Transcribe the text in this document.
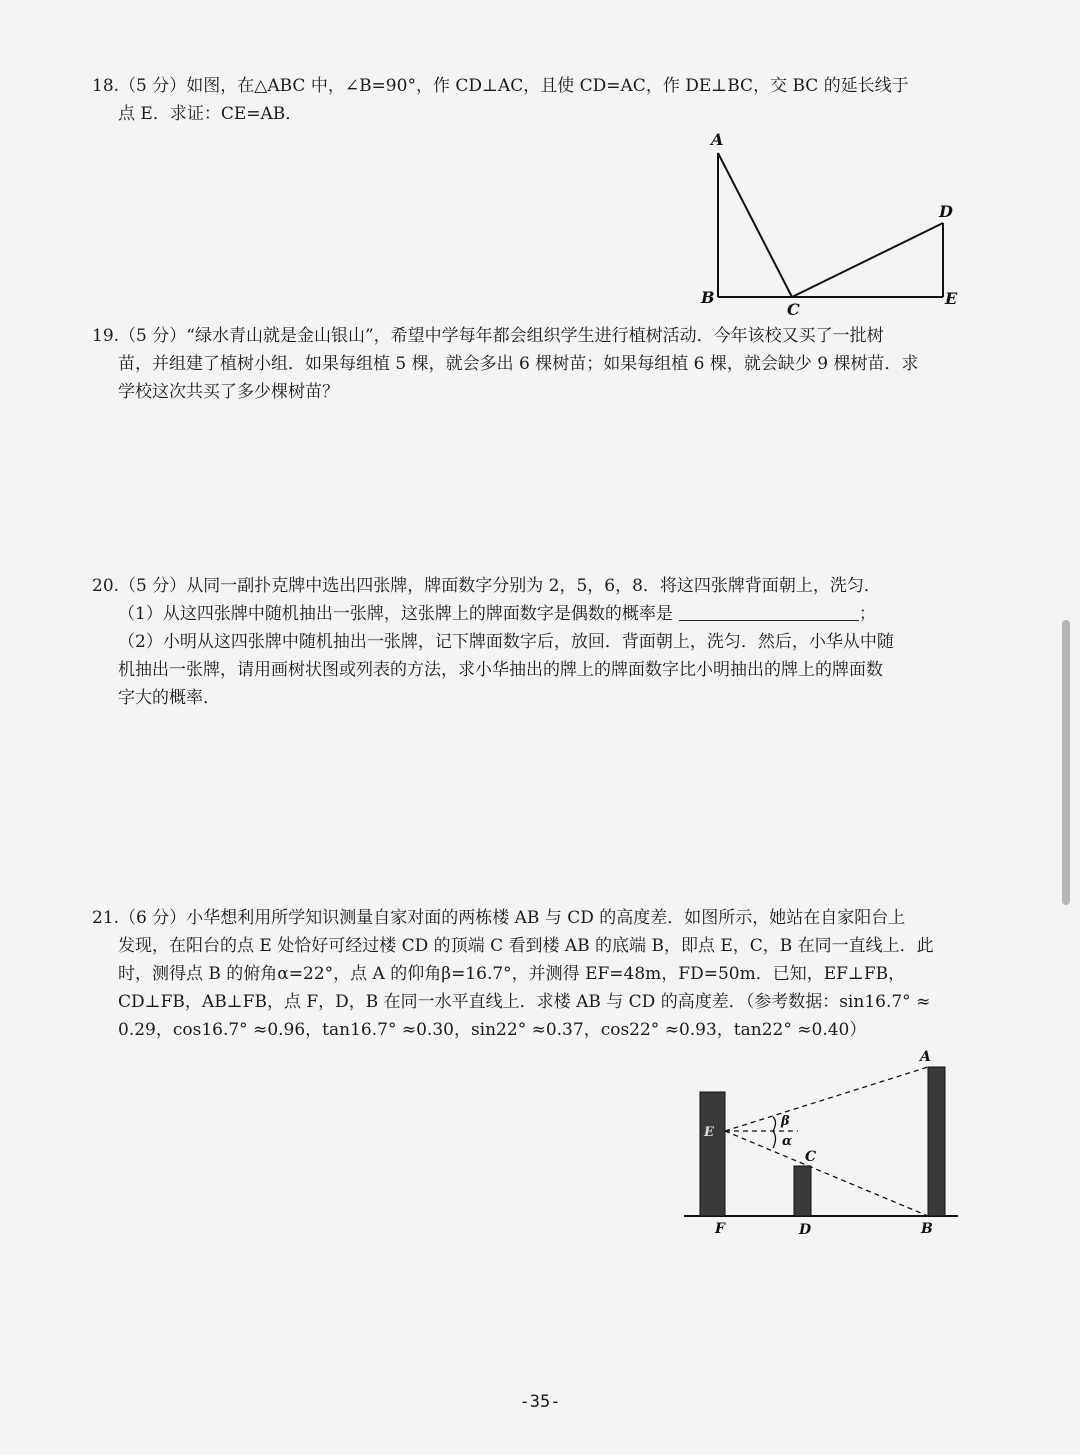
18.（5 分）如图，在△ABC 中，∠B=90°，作 CD⊥AC，且使 CD=AC，作 DE⊥BC，交 BC 的延长线于

点 E．求证：CE=AB．

A
B
C
D
E

19.（5 分）“绿水青山就是金山银山”，希望中学每年都会组织学生进行植树活动．今年该校又买了一批树

苗，并组建了植树小组．如果每组植 5 棵，就会多出 6 棵树苗；如果每组植 6 棵，就会缺少 9 棵树苗．求

学校这次共买了多少棵树苗？

20.（5 分）从同一副扑克牌中选出四张牌，牌面数字分别为 2，5，6，8．将这四张牌背面朝上，洗匀．

（1）从这四张牌中随机抽出一张牌，这张牌上的牌面数字是偶数的概率是	；

（2）小明从这四张牌中随机抽出一张牌，记下牌面数字后，放回．背面朝上，洗匀．然后，小华从中随

机抽出一张牌，请用画树状图或列表的方法，求小华抽出的牌上的牌面数字比小明抽出的牌上的牌面数

字大的概率．

21.（6 分）小华想利用所学知识测量自家对面的两栋楼 AB 与 CD 的高度差．如图所示，她站在自家阳台上

发现，在阳台的点 E 处恰好可经过楼 CD 的顶端 C 看到楼 AB 的底端 B，即点 E，C，B 在同一直线上．此

时，测得点 B 的俯角α=22°，点 A 的仰角β=16.7°，并测得 EF=48m，FD=50m．已知，EF⊥FB，

CD⊥FB，AB⊥FB，点 F，D，B 在同一水平直线上．求楼 AB 与 CD 的高度差．（参考数据：sin16.7° ≈

0.29，cos16.7° ≈0.96，tan16.7° ≈0.30，sin22° ≈0.37，cos22° ≈0.93，tan22° ≈0.40）

β
α
A
B
C
D
E
F
-35-
